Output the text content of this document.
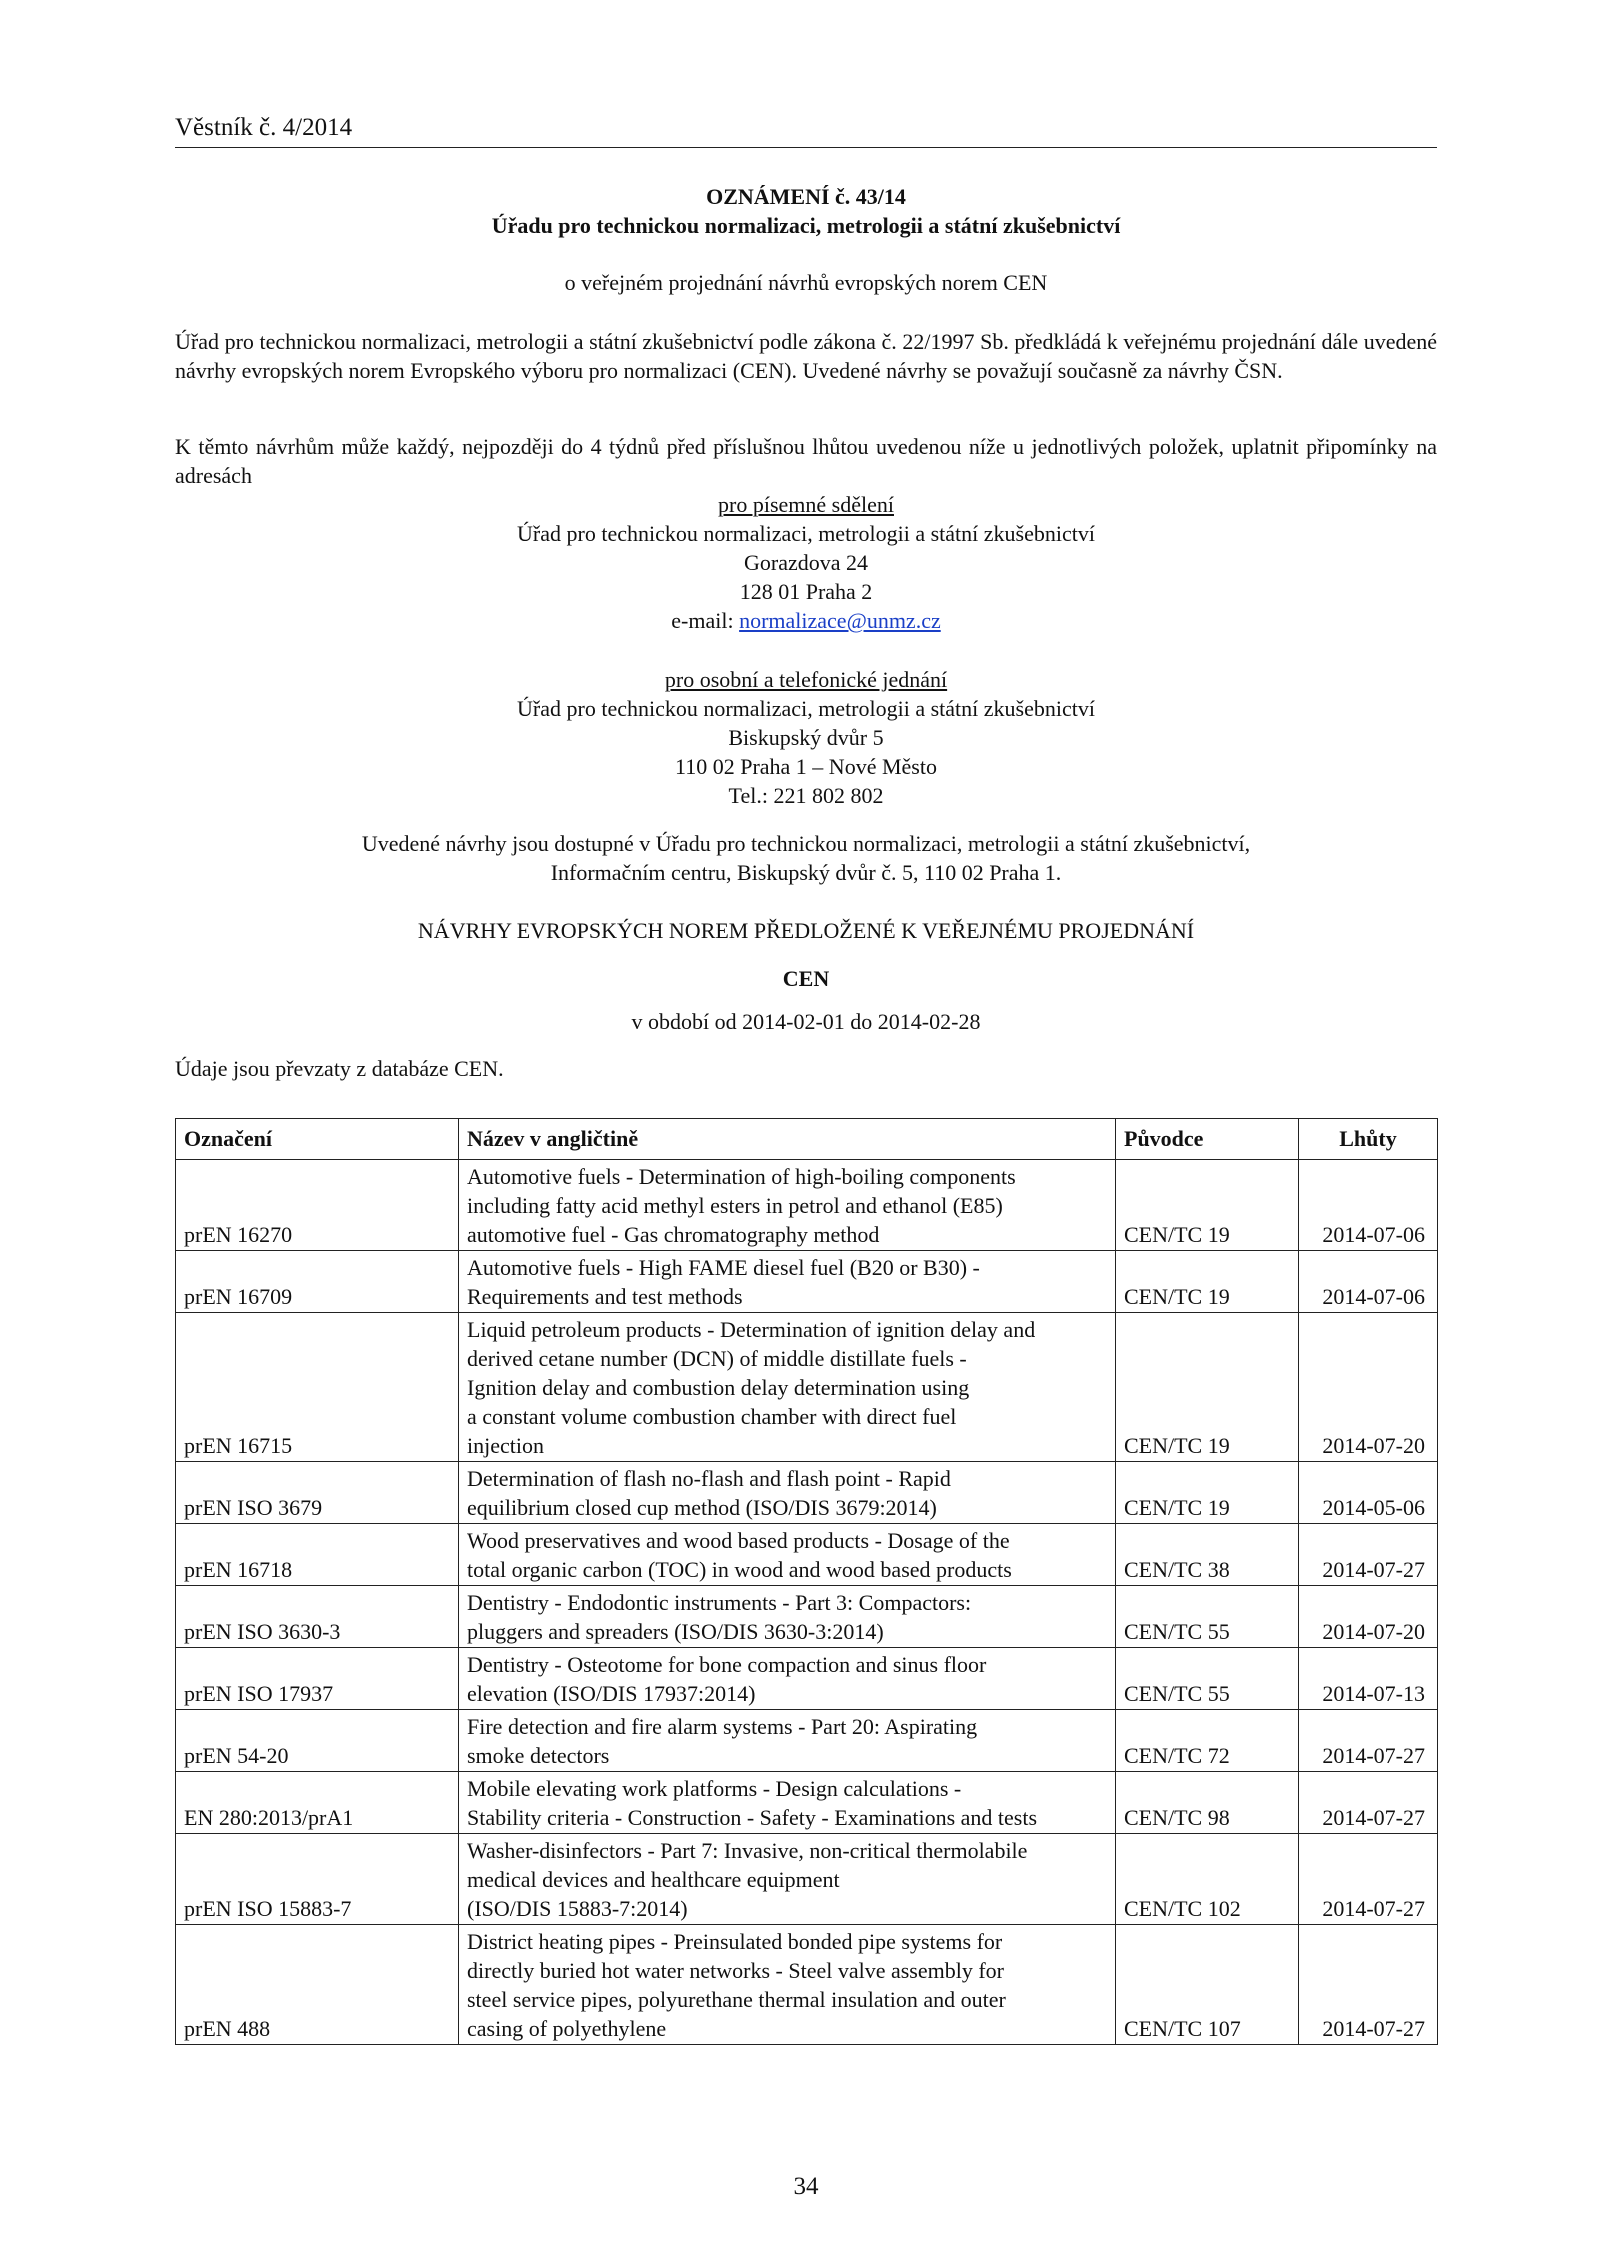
Věstník č. 4/2014
OZNÁMENÍ č. 43/14
Úřadu pro technickou normalizaci, metrologii a státní zkušebnictví
o veřejném projednání návrhů evropských norem CEN
Úřad pro technickou normalizaci, metrologii a státní zkušebnictví podle zákona č. 22/1997 Sb. předkládá k veřejnému projednání dále uvedené návrhy evropských norem Evropského výboru pro normalizaci (CEN). Uvedené návrhy se považují současně za návrhy ČSN.
K těmto návrhům může každý, nejpozději do 4 týdnů před příslušnou lhůtou uvedenou níže u jednotlivých položek, uplatnit připomínky na adresách
pro písemné sdělení
Úřad pro technickou normalizaci, metrologii a státní zkušebnictví
Gorazdova 24
128 01 Praha 2
e-mail: normalizace@unmz.cz
pro osobní a telefonické jednání
Úřad pro technickou normalizaci, metrologii a státní zkušebnictví
Biskupský dvůr 5
110 02 Praha 1 – Nové Město
Tel.: 221 802 802
Uvedené návrhy jsou dostupné v Úřadu pro technickou normalizaci, metrologii a státní zkušebnictví,
Informačním centru, Biskupský dvůr č. 5, 110 02 Praha 1.
NÁVRHY EVROPSKÝCH NOREM PŘEDLOŽENÉ K VEŘEJNÉMU PROJEDNÁNÍ
CEN
v období od 2014-02-01 do 2014-02-28
Údaje jsou převzaty z databáze CEN.
Označení	Název v angličtině	Původce	Lhůty
prEN 16270	Automotive fuels - Determination of high-boiling components
including fatty acid methyl esters in petrol and ethanol (E85)
automotive fuel - Gas chromatography method	CEN/TC 19	2014-07-06
prEN 16709	Automotive fuels - High FAME diesel fuel (B20 or B30) -
Requirements and test methods	CEN/TC 19	2014-07-06
prEN 16715	Liquid petroleum products - Determination of ignition delay and
derived cetane number (DCN) of middle distillate fuels -
Ignition delay and combustion delay determination using
a constant volume combustion chamber with direct fuel
injection	CEN/TC 19	2014-07-20
prEN ISO 3679	Determination of flash no-flash and flash point - Rapid
equilibrium closed cup method (ISO/DIS 3679:2014)	CEN/TC 19	2014-05-06
prEN 16718	Wood preservatives and wood based products - Dosage of the
total organic carbon (TOC) in wood and wood based products	CEN/TC 38	2014-07-27
prEN ISO 3630-3	Dentistry - Endodontic instruments - Part 3: Compactors:
pluggers and spreaders (ISO/DIS 3630-3:2014)	CEN/TC 55	2014-07-20
prEN ISO 17937	Dentistry - Osteotome for bone compaction and sinus floor
elevation (ISO/DIS 17937:2014)	CEN/TC 55	2014-07-13
prEN 54-20	Fire detection and fire alarm systems - Part 20: Aspirating
smoke detectors	CEN/TC 72	2014-07-27
EN 280:2013/prA1	Mobile elevating work platforms - Design calculations -
Stability criteria - Construction - Safety - Examinations and tests	CEN/TC 98	2014-07-27
prEN ISO 15883-7	Washer-disinfectors - Part 7: Invasive, non-critical thermolabile
medical devices and healthcare equipment
(ISO/DIS 15883-7:2014)	CEN/TC 102	2014-07-27
prEN 488	District heating pipes - Preinsulated bonded pipe systems for
directly buried hot water networks - Steel valve assembly for
steel service pipes, polyurethane thermal insulation and outer
casing of polyethylene	CEN/TC 107	2014-07-27
34
